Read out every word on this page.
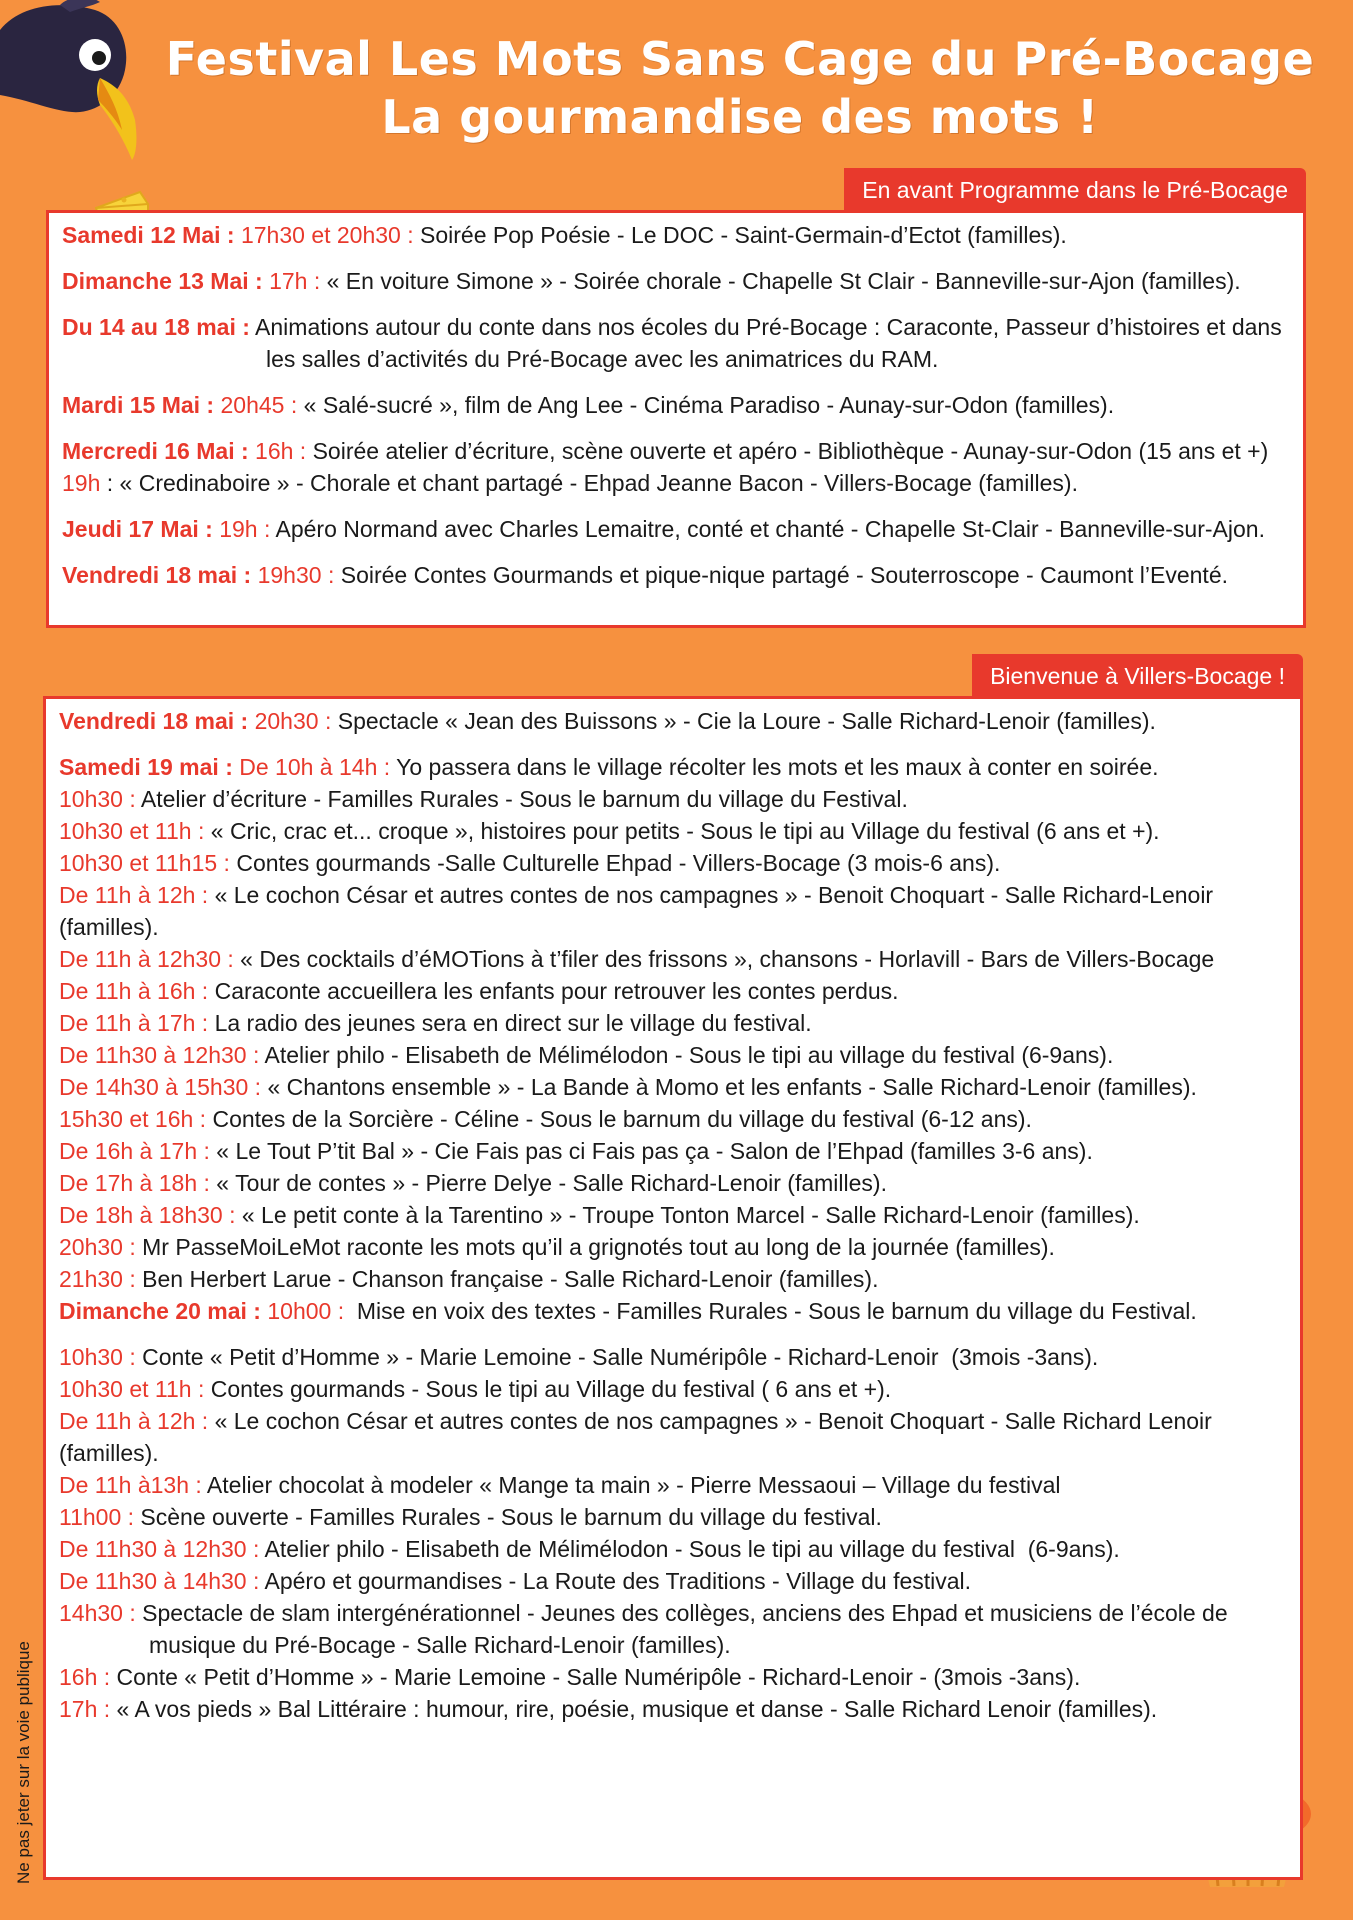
Festival Les Mots Sans Cage du Pré-Bocage
La gourmandise des mots !
En avant Programme dans le Pré-Bocage
Samedi 12 Mai : 17h30 et 20h30 : Soirée Pop Poésie - Le DOC - Saint-Germain-d’Ectot (familles).
Dimanche 13 Mai : 17h : « En voiture Simone » - Soirée chorale - Chapelle St Clair - Banneville-sur-Ajon (familles).
Du 14 au 18 mai : Animations autour du conte dans nos écoles du Pré-Bocage : Caraconte, Passeur d’histoires et dans les salles d’activités du Pré-Bocage avec les animatrices du RAM.
Mardi 15 Mai : 20h45 : « Salé-sucré », film de Ang Lee - Cinéma Paradiso - Aunay-sur-Odon (familles).
Mercredi 16 Mai : 16h : Soirée atelier d’écriture, scène ouverte et apéro - Bibliothèque - Aunay-sur-Odon (15 ans et +)
19h : « Credinaboire » - Chorale et chant partagé - Ehpad Jeanne Bacon - Villers-Bocage (familles).
Jeudi 17 Mai : 19h : Apéro Normand avec Charles Lemaitre, conté et chanté - Chapelle St-Clair - Banneville-sur-Ajon.
Vendredi 18 mai : 19h30 : Soirée Contes Gourmands et pique-nique partagé - Souterroscope - Caumont l’Eventé.
Bienvenue à Villers-Bocage !
Vendredi 18 mai : 20h30 : Spectacle « Jean des Buissons » - Cie la Loure - Salle Richard-Lenoir (familles).
Samedi 19 mai : De 10h à 14h : Yo passera dans le village récolter les mots et les maux à conter en soirée.
10h30 : Atelier d’écriture - Familles Rurales - Sous le barnum du village du Festival.
10h30 et 11h : « Cric, crac et... croque », histoires pour petits - Sous le tipi au Village du festival (6 ans et +).
10h30 et 11h15 : Contes gourmands -Salle Culturelle Ehpad - Villers-Bocage (3 mois-6 ans).
De 11h à 12h : « Le cochon César et autres contes de nos campagnes » - Benoit Choquart - Salle Richard-Lenoir (familles).
De 11h à 12h30 : « Des cocktails d’éMOTions à t’filer des frissons », chansons - Horlavill - Bars de Villers-Bocage
De 11h à 16h : Caraconte accueillera les enfants pour retrouver les contes perdus.
De 11h à 17h : La radio des jeunes sera en direct sur le village du festival.
De 11h30 à 12h30 : Atelier philo - Elisabeth de Mélimélodon - Sous le tipi au village du festival (6-9ans).
De 14h30 à 15h30 : « Chantons ensemble » - La Bande à Momo et les enfants - Salle Richard-Lenoir (familles).
15h30 et 16h : Contes de la Sorcière - Céline - Sous le barnum du village du festival (6-12 ans).
De 16h à 17h : « Le Tout P’tit Bal » - Cie Fais pas ci Fais pas ça - Salon de l’Ehpad (familles 3-6 ans).
De 17h à 18h : « Tour de contes » - Pierre Delye - Salle Richard-Lenoir (familles).
De 18h à 18h30 : « Le petit conte à la Tarentino » - Troupe Tonton Marcel - Salle Richard-Lenoir (familles).
20h30 : Mr PasseMoiLeMot raconte les mots qu’il a grignotés tout au long de la journée (familles).
21h30 : Ben Herbert Larue - Chanson française - Salle Richard-Lenoir (familles).
Dimanche 20 mai : 10h00 :  Mise en voix des textes - Familles Rurales - Sous le barnum du village du Festival.
10h30 : Conte « Petit d’Homme » - Marie Lemoine - Salle Numéripôle - Richard-Lenoir  (3mois -3ans).
10h30 et 11h : Contes gourmands - Sous le tipi au Village du festival ( 6 ans et +).
De 11h à 12h : « Le cochon César et autres contes de nos campagnes » - Benoit Choquart - Salle Richard Lenoir (familles).
De 11h à13h : Atelier chocolat à modeler « Mange ta main » - Pierre Messaoui – Village du festival
11h00 : Scène ouverte - Familles Rurales - Sous le barnum du village du festival.
De 11h30 à 12h30 : Atelier philo - Elisabeth de Mélimélodon - Sous le tipi au village du festival  (6-9ans).
De 11h30 à 14h30 : Apéro et gourmandises - La Route des Traditions - Village du festival.
14h30 : Spectacle de slam intergénérationnel - Jeunes des collèges, anciens des Ehpad et musiciens de l’école de musique du Pré-Bocage - Salle Richard-Lenoir (familles).
16h : Conte « Petit d’Homme » - Marie Lemoine - Salle Numéripôle - Richard-Lenoir - (3mois -3ans).
17h : « A vos pieds » Bal Littéraire : humour, rire, poésie, musique et danse - Salle Richard Lenoir (familles).
Ne pas jeter sur la voie publique
